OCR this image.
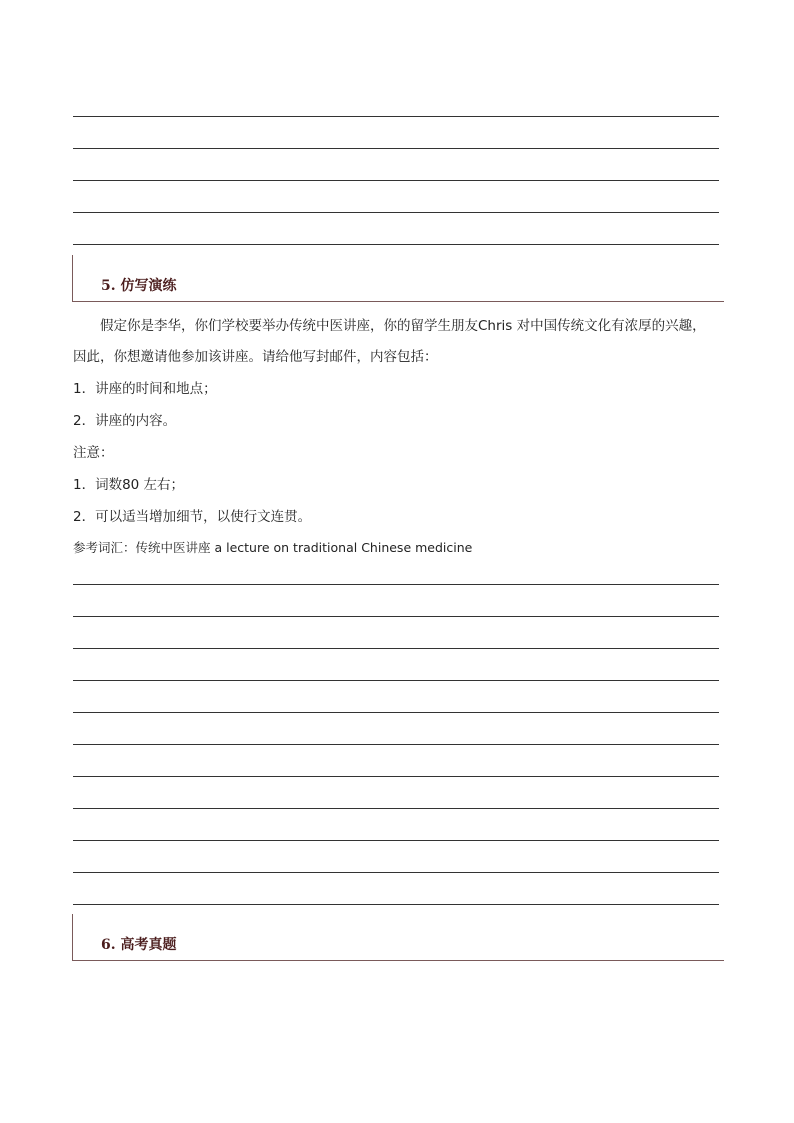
5. 仿写演练
假定你是李华，你们学校要举办传统中医讲座，你的留学生朋友Chris 对中国传统文化有浓厚的兴趣，
因此，你想邀请他参加该讲座。请给他写封邮件，内容包括：
1．讲座的时间和地点；
2．讲座的内容。
注意：
1．词数80 左右；
2．可以适当增加细节，以使行文连贯。
参考词汇：传统中医讲座 a lecture on traditional Chinese medicine
6. 高考真题
